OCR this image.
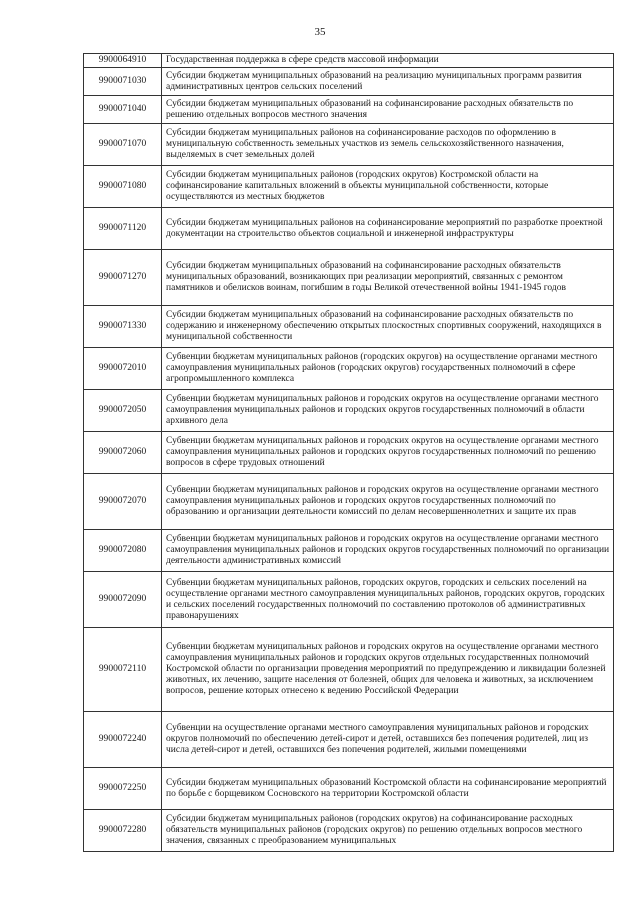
35
9900064910	Государственная поддержка в сфере средств массовой информации
9900071030	Субсидии бюджетам муниципальных образований на реализацию муниципальных программ развития административных центров сельских поселений
9900071040	Субсидии бюджетам муниципальных образований на софинансирование расходных обязательств по решению отдельных вопросов местного значения
9900071070	Субсидии бюджетам муниципальных районов на софинансирование расходов по оформлению в муниципальную собственность земельных участков из земель сельскохозяйственного назначения, выделяемых в счет земельных долей
9900071080	Субсидии бюджетам муниципальных районов (городских округов) Костромской области на софинансирование капитальных вложений в объекты муниципальной собственности, которые осуществляются из местных бюджетов
9900071120	Субсидии бюджетам муниципальных районов на софинансирование мероприятий по разработке проектной документации на строительство объектов социальной и инженерной инфраструктуры
9900071270	Субсидии бюджетам муниципальных образований на софинансирование расходных обязательств муниципальных образований, возникающих при реализации мероприятий, связанных с ремонтом памятников и обелисков воинам, погибшим в годы Великой отечественной войны 1941-1945 годов
9900071330	Субсидии бюджетам муниципальных образований на софинансирование расходных обязательств по содержанию и инженерному обеспечению открытых плоскостных спортивных сооружений, находящихся в муниципальной собственности
9900072010	Субвенции бюджетам муниципальных районов (городских округов) на осуществление органами местного самоуправления муниципальных районов (городских округов) государственных полномочий в сфере агропромышленного комплекса
9900072050	Субвенции бюджетам муниципальных районов и городских округов на осуществление органами местного самоуправления муниципальных районов и городских округов государственных полномочий в области архивного дела
9900072060	Субвенции бюджетам муниципальных районов и городских округов на осуществление органами местного самоуправления муниципальных районов и городских округов государственных полномочий по решению вопросов в сфере трудовых отношений
9900072070	Субвенции бюджетам муниципальных районов и городских округов на осуществление органами местного самоуправления муниципальных районов и городских округов государственных полномочий по образованию и организации деятельности комиссий по делам несовершеннолетних и защите их прав
9900072080	Субвенции бюджетам муниципальных районов и городских округов на осуществление органами местного самоуправления муниципальных районов и городских округов государственных полномочий по организации деятельности административных комиссий
9900072090	Субвенции бюджетам муниципальных районов, городских округов, городских и сельских поселений на осуществление органами местного самоуправления муниципальных районов, городских округов, городских и сельских поселений государственных полномочий по составлению протоколов об административных правонарушениях
9900072110	Субвенции бюджетам муниципальных районов и городских округов на осуществление органами местного самоуправления муниципальных районов и городских округов отдельных государственных полномочий Костромской области по организации проведения мероприятий по предупреждению и ликвидации болезней животных, их лечению, защите населения от болезней, общих для человека и животных, за исключением вопросов, решение которых отнесено к ведению Российской Федерации
9900072240	Субвенции на осуществление органами местного самоуправления муниципальных районов и городских округов полномочий по обеспечению детей-сирот и детей, оставшихся без попечения родителей, лиц из числа детей-сирот и детей, оставшихся без попечения родителей, жилыми помещениями
9900072250	Субсидии бюджетам муниципальных образований Костромской области на софинансирование мероприятий по борьбе с борщевиком Сосновского на территории Костромской области
9900072280	Субсидии бюджетам муниципальных районов (городских округов) на софинансирование расходных обязательств муниципальных районов (городских округов) по решению отдельных вопросов местного значения, связанных с преобразованием муниципальных
